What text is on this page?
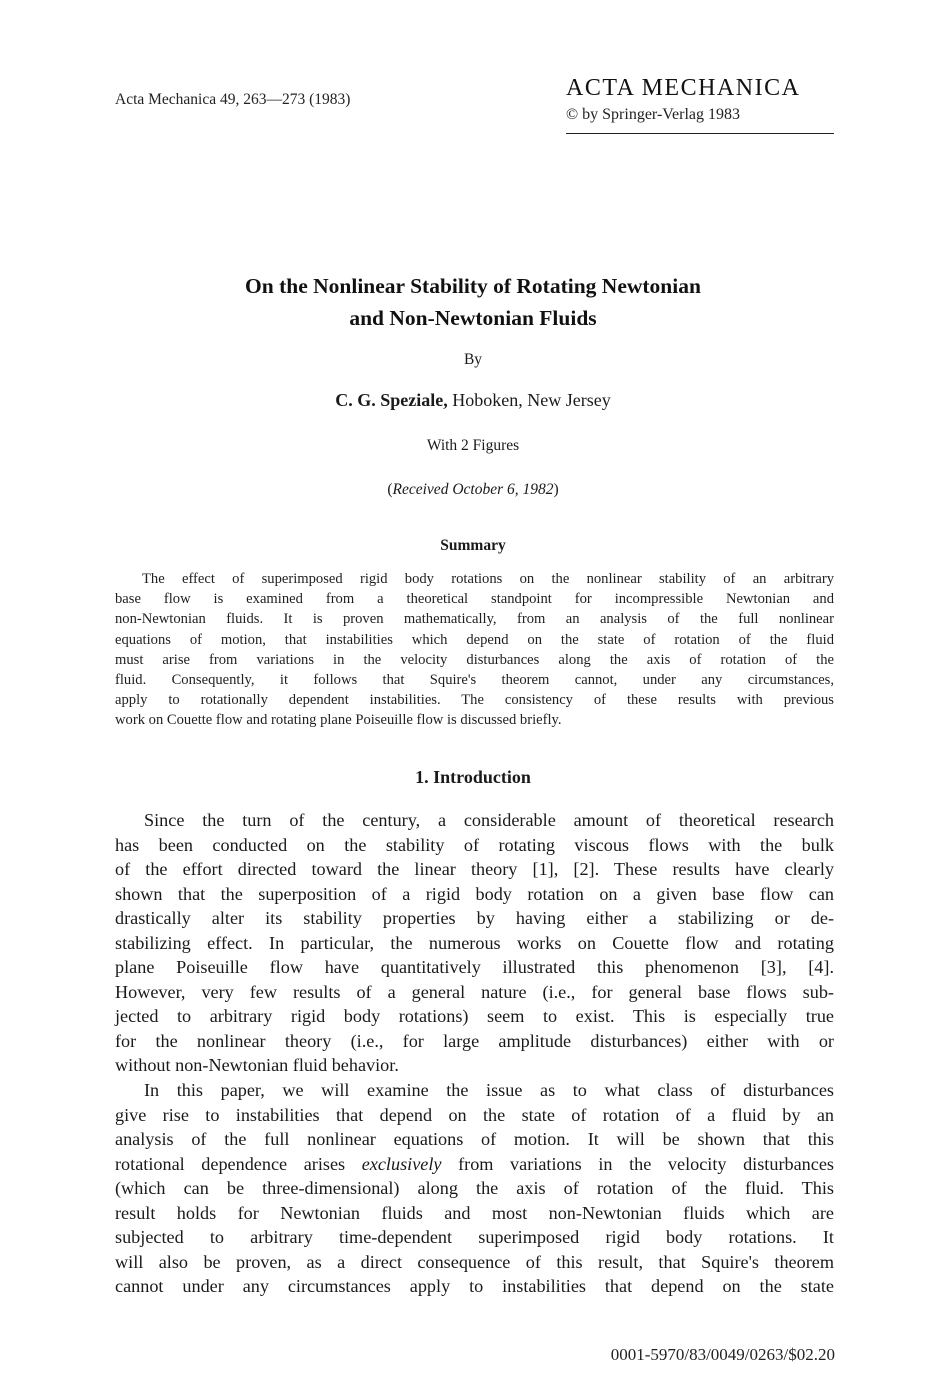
Acta Mechanica 49, 263—273 (1983)	ACTA MECHANICA
© by Springer-Verlag 1983
On the Nonlinear Stability of Rotating Newtonian
and Non-Newtonian Fluids
By
C. G. Speziale, Hoboken, New Jersey
With 2 Figures
(Received October 6, 1982)
Summary
The effect of superimposed rigid body rotations on the nonlinear stability of an arbitrary
base flow is examined from a theoretical standpoint for incompressible Newtonian and
non-Newtonian fluids. It is proven mathematically, from an analysis of the full nonlinear
equations of motion, that instabilities which depend on the state of rotation of the fluid
must arise from variations in the velocity disturbances along the axis of rotation of the
fluid. Consequently, it follows that Squire's theorem cannot, under any circumstances,
apply to rotationally dependent instabilities. The consistency of these results with previous
work on Couette flow and rotating plane Poiseuille flow is discussed briefly.
1. Introduction
Since the turn of the century, a considerable amount of theoretical research
has been conducted on the stability of rotating viscous flows with the bulk
of the effort directed toward the linear theory [1], [2]. These results have clearly
shown that the superposition of a rigid body rotation on a given base flow can
drastically alter its stability properties by having either a stabilizing or de-
stabilizing effect. In particular, the numerous works on Couette flow and rotating
plane Poiseuille flow have quantitatively illustrated this phenomenon [3], [4].
However, very few results of a general nature (i.e., for general base flows sub-
jected to arbitrary rigid body rotations) seem to exist. This is especially true
for the nonlinear theory (i.e., for large amplitude disturbances) either with or
without non-Newtonian fluid behavior.
In this paper, we will examine the issue as to what class of disturbances
give rise to instabilities that depend on the state of rotation of a fluid by an
analysis of the full nonlinear equations of motion. It will be shown that this
rotational dependence arises exclusively from variations in the velocity disturbances
(which can be three-dimensional) along the axis of rotation of the fluid. This
result holds for Newtonian fluids and most non-Newtonian fluids which are
subjected to arbitrary time-dependent superimposed rigid body rotations. It
will also be proven, as a direct consequence of this result, that Squire's theorem
cannot under any circumstances apply to instabilities that depend on the state
0001-5970/83/0049/0263/$02.20
